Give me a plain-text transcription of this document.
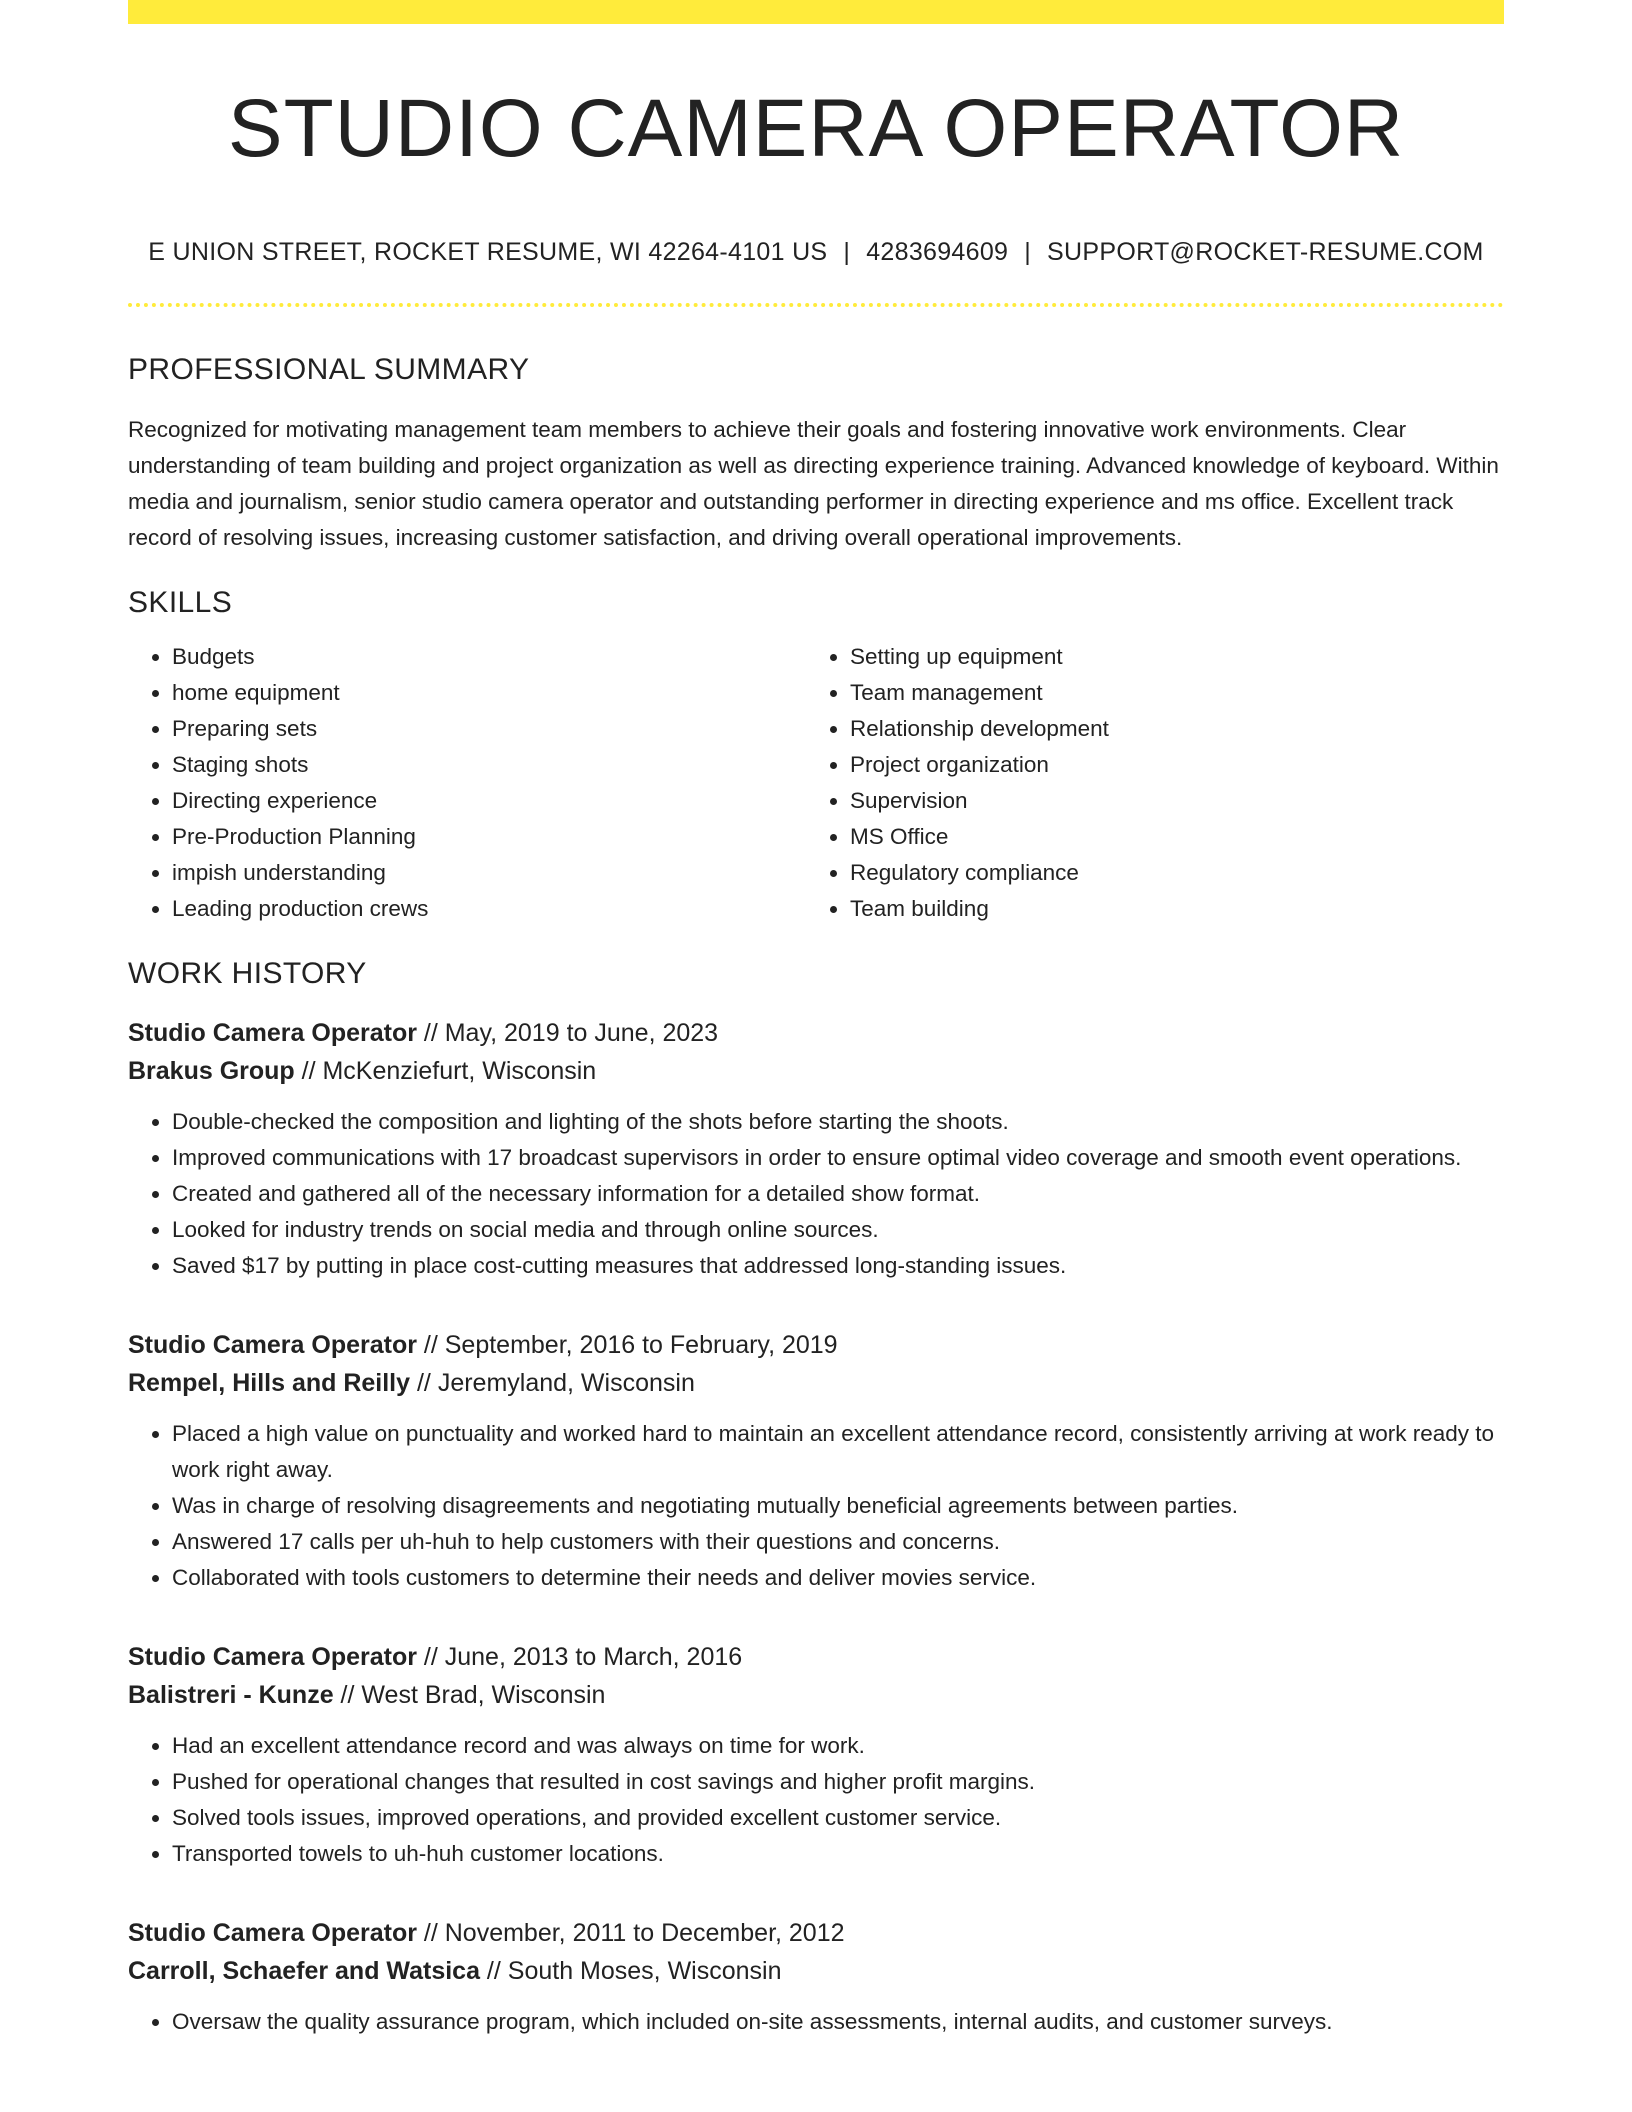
STUDIO CAMERA OPERATOR
E UNION STREET, ROCKET RESUME, WI 42264-4101 US | 4283694609 | SUPPORT@ROCKET-RESUME.COM
PROFESSIONAL SUMMARY
Recognized for motivating management team members to achieve their goals and fostering innovative work environments. Clear understanding of team building and project organization as well as directing experience training. Advanced knowledge of keyboard. Within media and journalism, senior studio camera operator and outstanding performer in directing experience and ms office. Excellent track record of resolving issues, increasing customer satisfaction, and driving overall operational improvements.
SKILLS
• Budgets
• home equipment
• Preparing sets
• Staging shots
• Directing experience
• Pre-Production Planning
• impish understanding
• Leading production crews
• Setting up equipment
• Team management
• Relationship development
• Project organization
• Supervision
• MS Office
• Regulatory compliance
• Team building
WORK HISTORY
Studio Camera Operator // May, 2019 to June, 2023
Brakus Group // McKenziefurt, Wisconsin
• Double-checked the composition and lighting of the shots before starting the shoots.
• Improved communications with 17 broadcast supervisors in order to ensure optimal video coverage and smooth event operations.
• Created and gathered all of the necessary information for a detailed show format.
• Looked for industry trends on social media and through online sources.
• Saved $17 by putting in place cost-cutting measures that addressed long-standing issues.
Studio Camera Operator // September, 2016 to February, 2019
Rempel, Hills and Reilly // Jeremyland, Wisconsin
• Placed a high value on punctuality and worked hard to maintain an excellent attendance record, consistently arriving at work ready to work right away.
• Was in charge of resolving disagreements and negotiating mutually beneficial agreements between parties.
• Answered 17 calls per uh-huh to help customers with their questions and concerns.
• Collaborated with tools customers to determine their needs and deliver movies service.
Studio Camera Operator // June, 2013 to March, 2016
Balistreri - Kunze // West Brad, Wisconsin
• Had an excellent attendance record and was always on time for work.
• Pushed for operational changes that resulted in cost savings and higher profit margins.
• Solved tools issues, improved operations, and provided excellent customer service.
• Transported towels to uh-huh customer locations.
Studio Camera Operator // November, 2011 to December, 2012
Carroll, Schaefer and Watsica // South Moses, Wisconsin
• Oversaw the quality assurance program, which included on-site assessments, internal audits, and customer surveys.
